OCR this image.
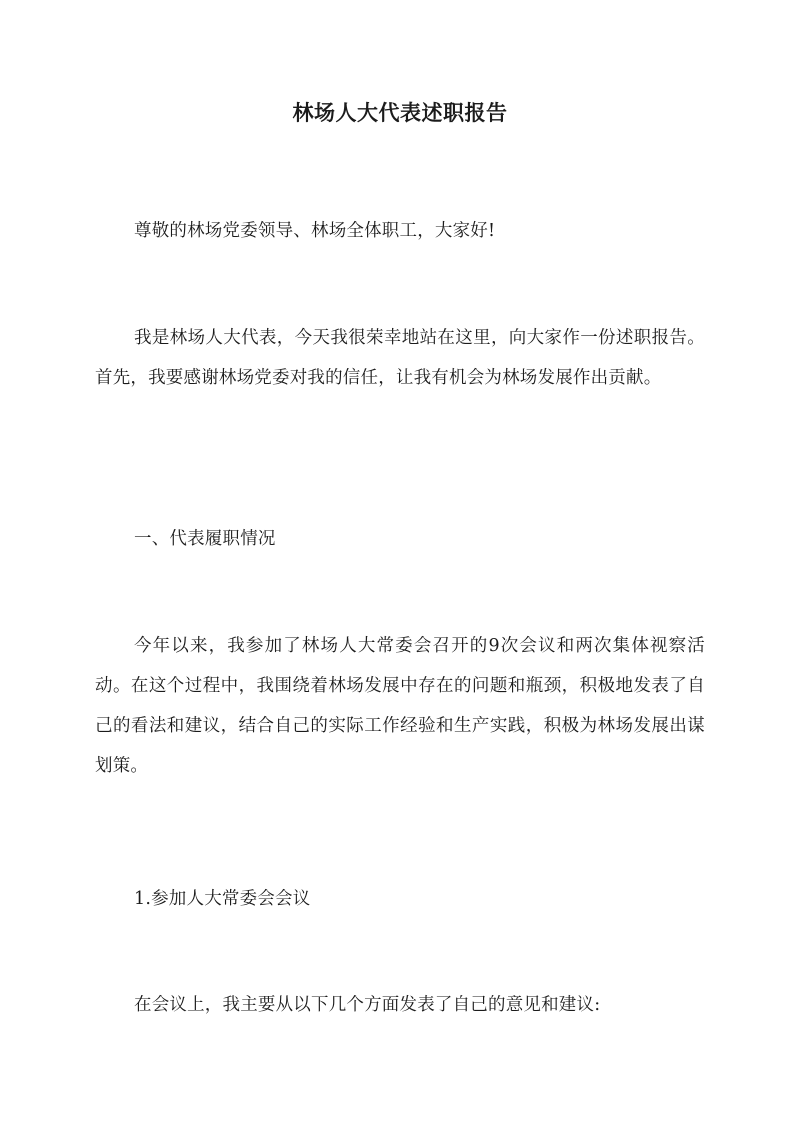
林场人大代表述职报告

尊敬的林场党委领导、林场全体职工，大家好!

我是林场人大代表，今天我很荣幸地站在这里，向大家作一份述职报告。首先，我要感谢林场党委对我的信任，让我有机会为林场发展作出贡献。

一、代表履职情况

今年以来，我参加了林场人大常委会召开的9次会议和两次集体视察活动。在这个过程中，我围绕着林场发展中存在的问题和瓶颈，积极地发表了自己的看法和建议，结合自己的实际工作经验和生产实践，积极为林场发展出谋划策。

1.参加人大常委会会议

在会议上，我主要从以下几个方面发表了自己的意见和建议:
